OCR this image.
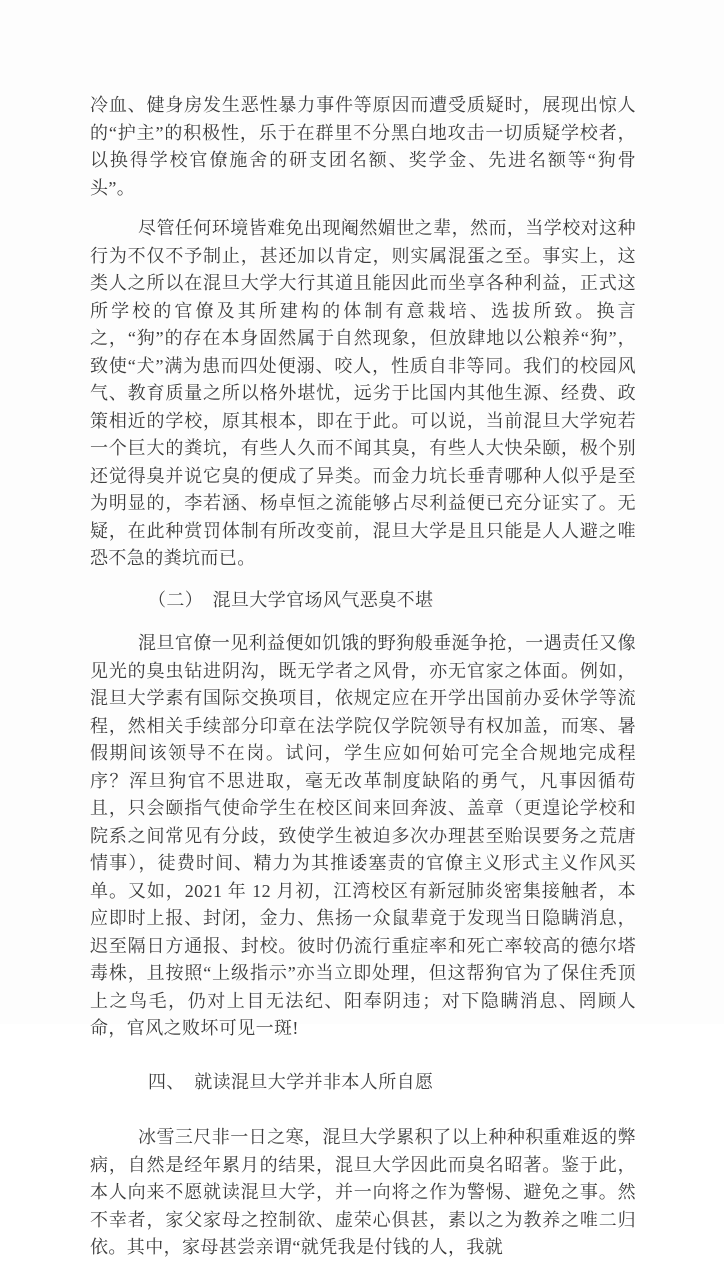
冷血、健身房发生恶性暴力事件等原因而遭受质疑时，展现出惊人的“护主”的积极性，乐于在群里不分黑白地攻击一切质疑学校者，以换得学校官僚施舍的研支团名额、奖学金、先进名额等“狗骨头”。

尽管任何环境皆难免出现阉然媚世之辈，然而，当学校对这种行为不仅不予制止，甚还加以肯定，则实属混蛋之至。事实上，这类人之所以在混旦大学大行其道且能因此而坐享各种利益，正式这所学校的官僚及其所建构的体制有意栽培、选拔所致。换言之，“狗”的存在本身固然属于自然现象，但放肆地以公粮养“狗”，致使“犬”满为患而四处便溺、咬人，性质自非等同。我们的校园风气、教育质量之所以格外堪忧，远劣于比国内其他生源、经费、政策相近的学校，原其根本，即在于此。可以说，当前混旦大学宛若一个巨大的粪坑，有些人久而不闻其臭，有些人大快朵颐，极个别还觉得臭并说它臭的便成了异类。而金力坑长垂青哪种人似乎是至为明显的，李若涵、杨卓恒之流能够占尽利益便已充分证实了。无疑，在此种赏罚体制有所改变前，混旦大学是且只能是人人避之唯恐不急的粪坑而已。

（二）　混旦大学官场风气恶臭不堪

混旦官僚一见利益便如饥饿的野狗般垂涎争抢，一遇责任又像见光的臭虫钻进阴沟，既无学者之风骨，亦无官家之体面。例如，混旦大学素有国际交换项目，依规定应在开学出国前办妥休学等流程，然相关手续部分印章在法学院仅学院领导有权加盖，而寒、暑假期间该领导不在岗。试问，学生应如何始可完全合规地完成程序？浑旦狗官不思进取，毫无改革制度缺陷的勇气，凡事因循苟且，只会颐指气使命学生在校区间来回奔波、盖章（更遑论学校和院系之间常见有分歧，致使学生被迫多次办理甚至贻误要务之荒唐情事），徒费时间、精力为其推诿塞责的官僚主义形式主义作风买单。又如，2021 年 12 月初，江湾校区有新冠肺炎密集接触者，本应即时上报、封闭，金力、焦扬一众鼠辈竟于发现当日隐瞒消息，迟至隔日方通报、封校。彼时仍流行重症率和死亡率较高的德尔塔毒株，且按照“上级指示”亦当立即处理，但这帮狗官为了保住秃顶上之鸟毛，仍对上目无法纪、阳奉阴违；对下隐瞒消息、罔顾人命，官风之败坏可见一斑!

四、　就读混旦大学并非本人所自愿

冰雪三尺非一日之寒，混旦大学累积了以上种种积重难返的弊病，自然是经年累月的结果，混旦大学因此而臭名昭著。鉴于此，本人向来不愿就读混旦大学，并一向将之作为警惕、避免之事。然不幸者，家父家母之控制欲、虚荣心俱甚，素以之为教养之唯二归依。其中，家母甚尝亲谓“就凭我是付钱的人，我就
